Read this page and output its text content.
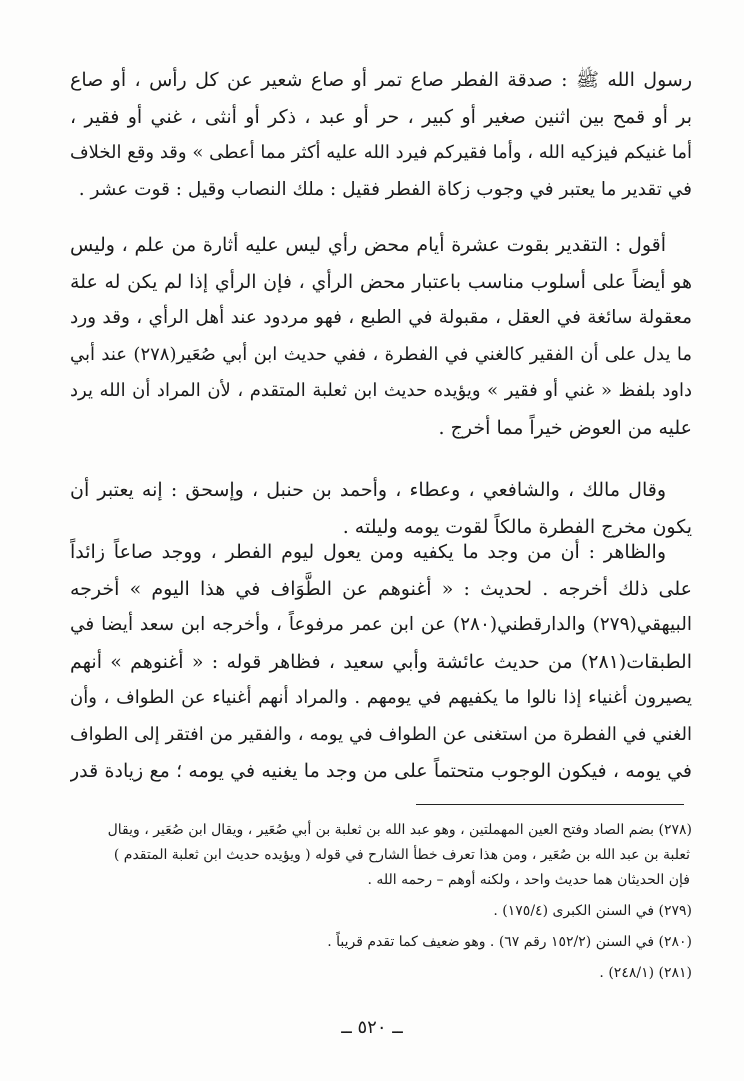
رسول الله ﷺ : صدقة الفطر صاع تمر أو صاع شعير عن كل رأس ، أو صاع
بر أو قمح بين اثنين صغير أو كبير ، حر أو عبد ، ذكر أو أنثى ، غني أو فقير ،
أما غنيكم فيزكيه الله ، وأما فقيركم فيرد الله عليه أكثر مما أعطى » وقد وقع الخلاف
في تقدير ما يعتبر في وجوب زكاة الفطر فقيل : ملك النصاب وقيل : قوت عشر .
أقول : التقدير بقوت عشرة أيام محض رأي ليس عليه أثارة من علم ، وليس
هو أيضاً على أسلوب مناسب باعتبار محض الرأي ، فإن الرأي إذا لم يكن له علة
معقولة سائغة في العقل ، مقبولة في الطبع ، فهو مردود عند أهل الرأي ، وقد ورد
ما يدل على أن الفقير كالغني في الفطرة ، ففي حديث ابن أبي صُعَير(٢٧٨) عند أبي
داود بلفظ « غني أو فقير » ويؤيده حديث ابن ثعلبة المتقدم ، لأن المراد أن الله يرد
عليه من العوض خيراً مما أخرج .
وقال مالك ، والشافعي ، وعطاء ، وأحمد بن حنبل ، وإسحق : إنه يعتبر أن
يكون مخرج الفطرة مالكاً لقوت يومه وليلته .
والظاهر : أن من وجد ما يكفيه ومن يعول ليوم الفطر ، ووجد صاعاً زائداً
على ذلك أخرجه . لحديث : « أغنوهم عن الطَّوَاف في هذا اليوم » أخرجه
البيهقي(٢٧٩) والدارقطني(٢٨٠) عن ابن عمر مرفوعاً ، وأخرجه ابن سعد أيضا في
الطبقات(٢٨١) من حديث عائشة وأبي سعيد ، فظاهر قوله : « أغنوهم » أنهم
يصيرون أغنياء إذا نالوا ما يكفيهم في يومهم . والمراد أنهم أغنياء عن الطواف ، وأن
الغني في الفطرة من استغنى عن الطواف في يومه ، والفقير من افتقر إلى الطواف
في يومه ، فيكون الوجوب متحتماً على من وجد ما يغنيه في يومه ؛ مع زيادة قدر
(٢٧٨) بضم الصاد وفتح العين المهملتين ، وهو عبد الله بن ثعلبة بن أبي صُعَير ، ويقال ابن صُعَير ، ويقال
ثعلبة بن عبد الله بن صُعَير ، ومن هذا تعرف خطأ الشارح في قوله ( ويؤيده حديث ابن ثعلبة المتقدم )
فإن الحديثان هما حديث واحد ، ولكنه أوهم – رحمه الله .
(٢٧٩) في السنن الكبرى (١٧٥/٤) .
(٢٨٠) في السنن (١٥٢/٢ رقم ٦٧) . وهو ضعيف كما تقدم قريباً .
(٢٨١) (٢٤٨/١) .
ــ ٥٢٠ ــ
